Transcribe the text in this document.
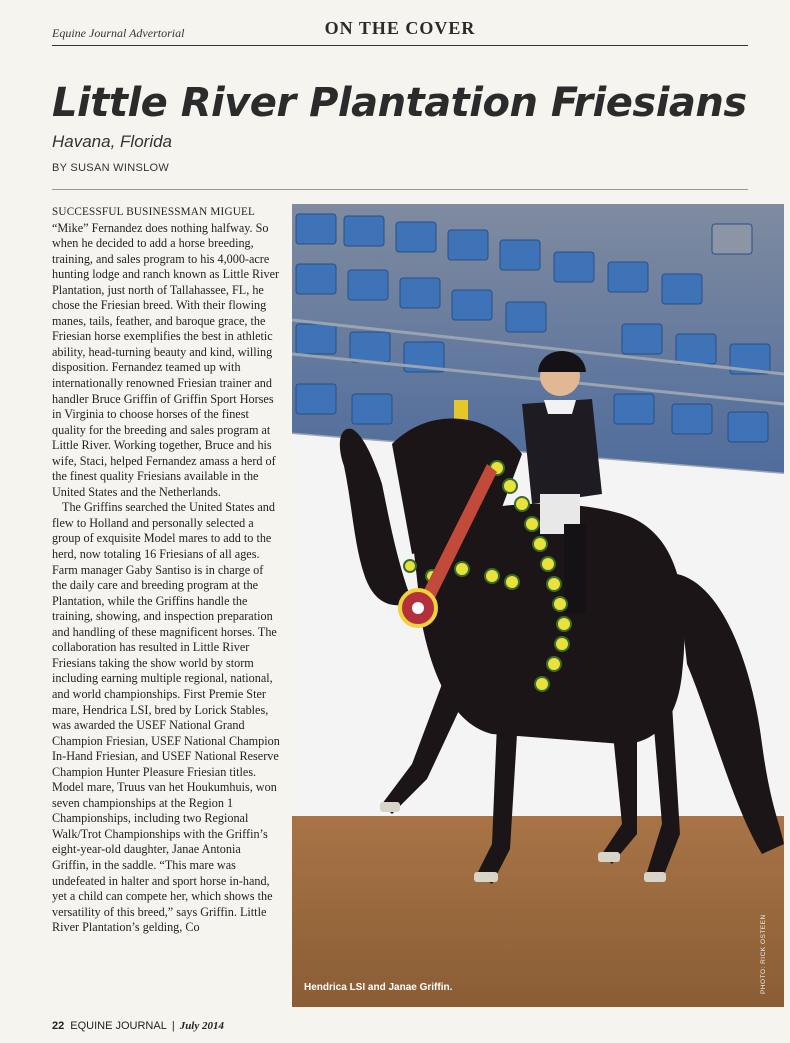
Equine Journal Advertorial	ON THE COVER
Little River Plantation Friesians
Havana, Florida
BY SUSAN WINSLOW

SUCCESSFUL BUSINESSMAN MIGUEL “Mike” Fernandez does nothing halfway. So when he decided to add a horse breeding, training, and sales program to his 4,000-acre hunting lodge and ranch known as Little River Plantation, just north of Tallahassee, FL, he chose the Friesian breed. With their flowing manes, tails, feather, and baroque grace, the Friesian horse exemplifies the best in athletic ability, head-turning beauty and kind, willing disposition. Fernandez teamed up with internationally renowned Friesian trainer and handler Bruce Griffin of Griffin Sport Horses in Virginia to choose horses of the finest quality for the breeding and sales program at Little River. Working together, Bruce and his wife, Staci, helped Fernandez amass a herd of the finest quality Friesians available in the United States and the Netherlands.

The Griffins searched the United States and flew to Holland and personally selected a group of exquisite Model mares to add to the herd, now totaling 16 Friesians of all ages. Farm manager Gaby Santiso is in charge of the daily care and breeding program at the Plantation, while the Griffins handle the training, showing, and inspection preparation and handling of these magnificent horses. The collaboration has resulted in Little River Friesians taking the show world by storm including earning multiple regional, national, and world championships. First Premie Ster mare, Hendrica LSI, bred by Lorick Stables, was awarded the USEF National Grand Champion Friesian, USEF National Champion In-Hand Friesian, and USEF National Reserve Champion Hunter Pleasure Friesian titles. Model mare, Truus van het Houkumhuis, won seven championships at the Region 1 Championships, including two Regional Walk/Trot Championships with the Griffin’s eight-year-old daughter, Janae Antonia Griffin, in the saddle. “This mare was undefeated in halter and sport horse in-hand, yet a child can compete her, which shows the versatility of this breed,” says Griffin. Little River Plantation’s gelding, Co

Hendrica LSI and Janae Griffin.	PHOTO: RICK OSTEEN
22 EQUINE JOURNAL | July 2014
